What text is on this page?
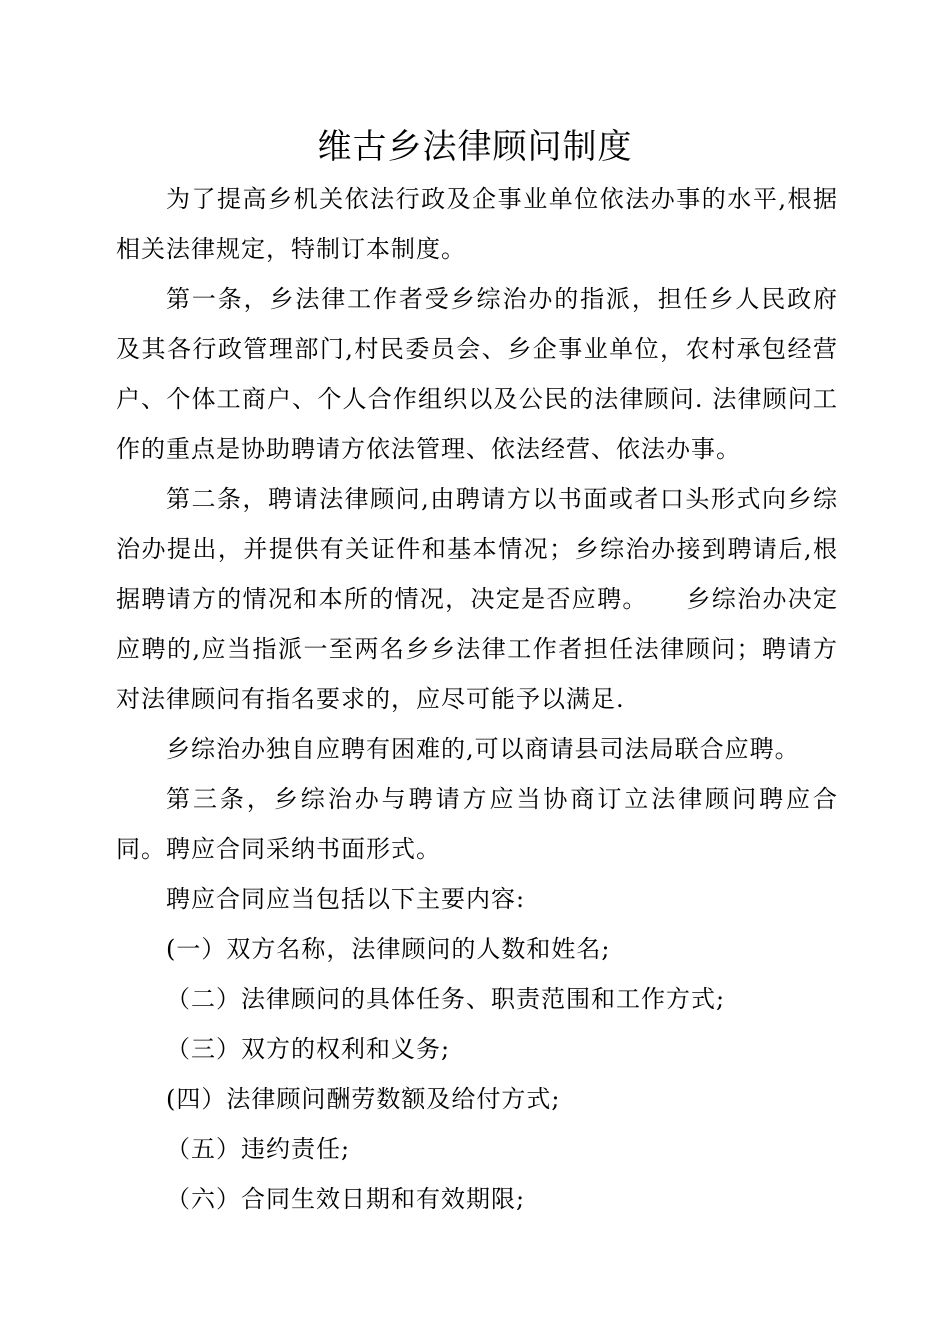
维古乡法律顾问制度

为了提高乡机关依法行政及企事业单位依法办事的水平,根据相关法律规定，特制订本制度。

第一条，乡法律工作者受乡综治办的指派，担任乡人民政府及其各行政管理部门,村民委员会、乡企事业单位，农村承包经营户、个体工商户、个人合作组织以及公民的法律顾问. 法律顾问工作的重点是协助聘请方依法管理、依法经营、依法办事。

第二条，聘请法律顾问,由聘请方以书面或者口头形式向乡综治办提出，并提供有关证件和基本情况；乡综治办接到聘请后,根据聘请方的情况和本所的情况，决定是否应聘。　　乡综治办决定应聘的,应当指派一至两名乡乡法律工作者担任法律顾问；聘请方对法律顾问有指名要求的，应尽可能予以满足.

乡综治办独自应聘有困难的,可以商请县司法局联合应聘。

第三条，乡综治办与聘请方应当协商订立法律顾问聘应合同。聘应合同采纳书面形式。

聘应合同应当包括以下主要内容:

(一）双方名称，法律顾问的人数和姓名;

（二）法律顾问的具体任务、职责范围和工作方式;

（三）双方的权利和义务;

(四）法律顾问酬劳数额及给付方式;

（五）违约责任;

（六）合同生效日期和有效期限;
